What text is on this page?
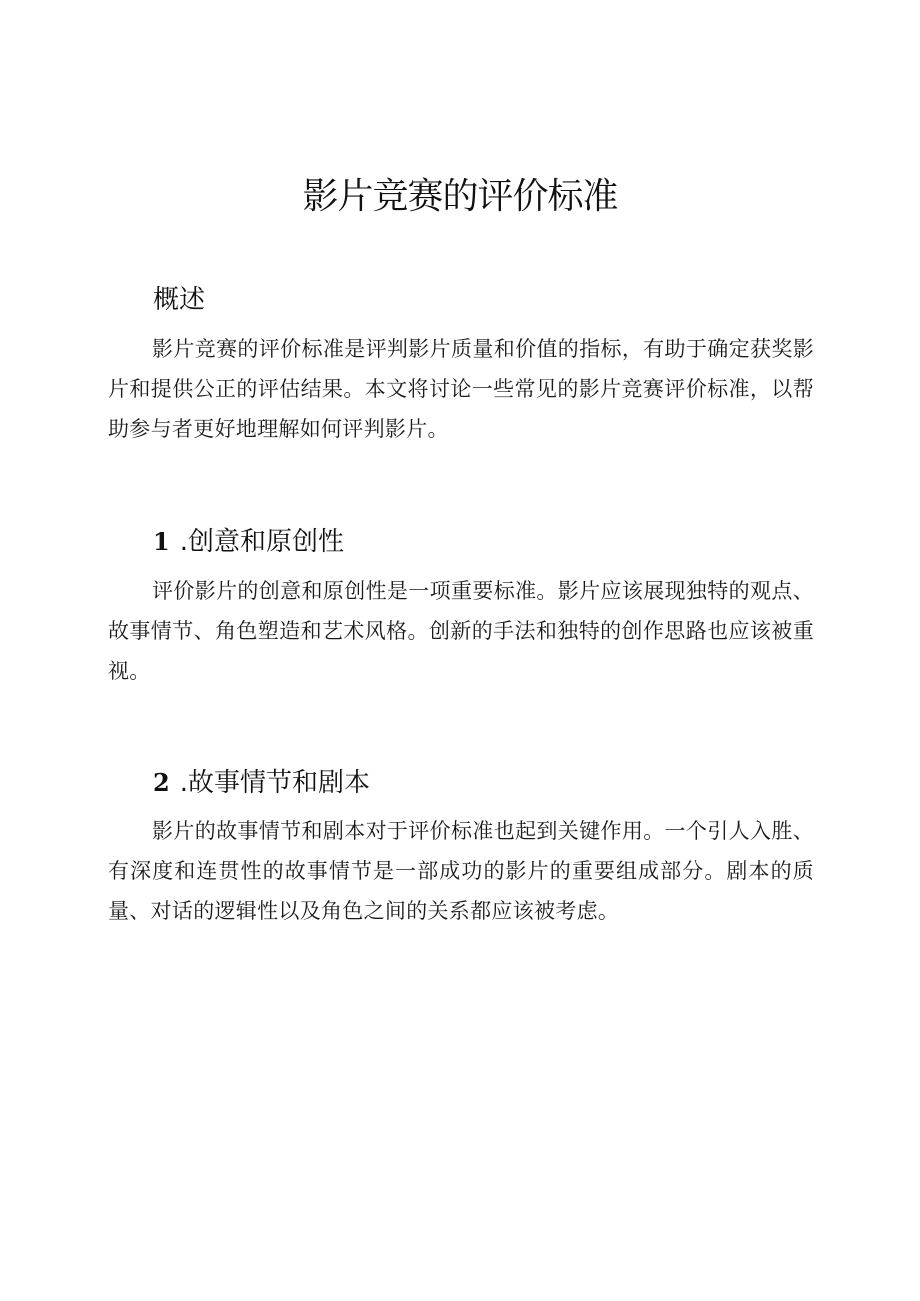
影片竞赛的评价标准
概述

影片竞赛的评价标准是评判影片质量和价值的指标，有助于确定获奖影片和提供公正的评估结果。本文将讨论一些常见的影片竞赛评价标准，以帮助参与者更好地理解如何评判影片。

1 .创意和原创性

评价影片的创意和原创性是一项重要标准。影片应该展现独特的观点、故事情节、角色塑造和艺术风格。创新的手法和独特的创作思路也应该被重视。

2 .故事情节和剧本

影片的故事情节和剧本对于评价标准也起到关键作用。一个引人入胜、有深度和连贯性的故事情节是一部成功的影片的重要组成部分。剧本的质量、对话的逻辑性以及角色之间的关系都应该被考虑。
